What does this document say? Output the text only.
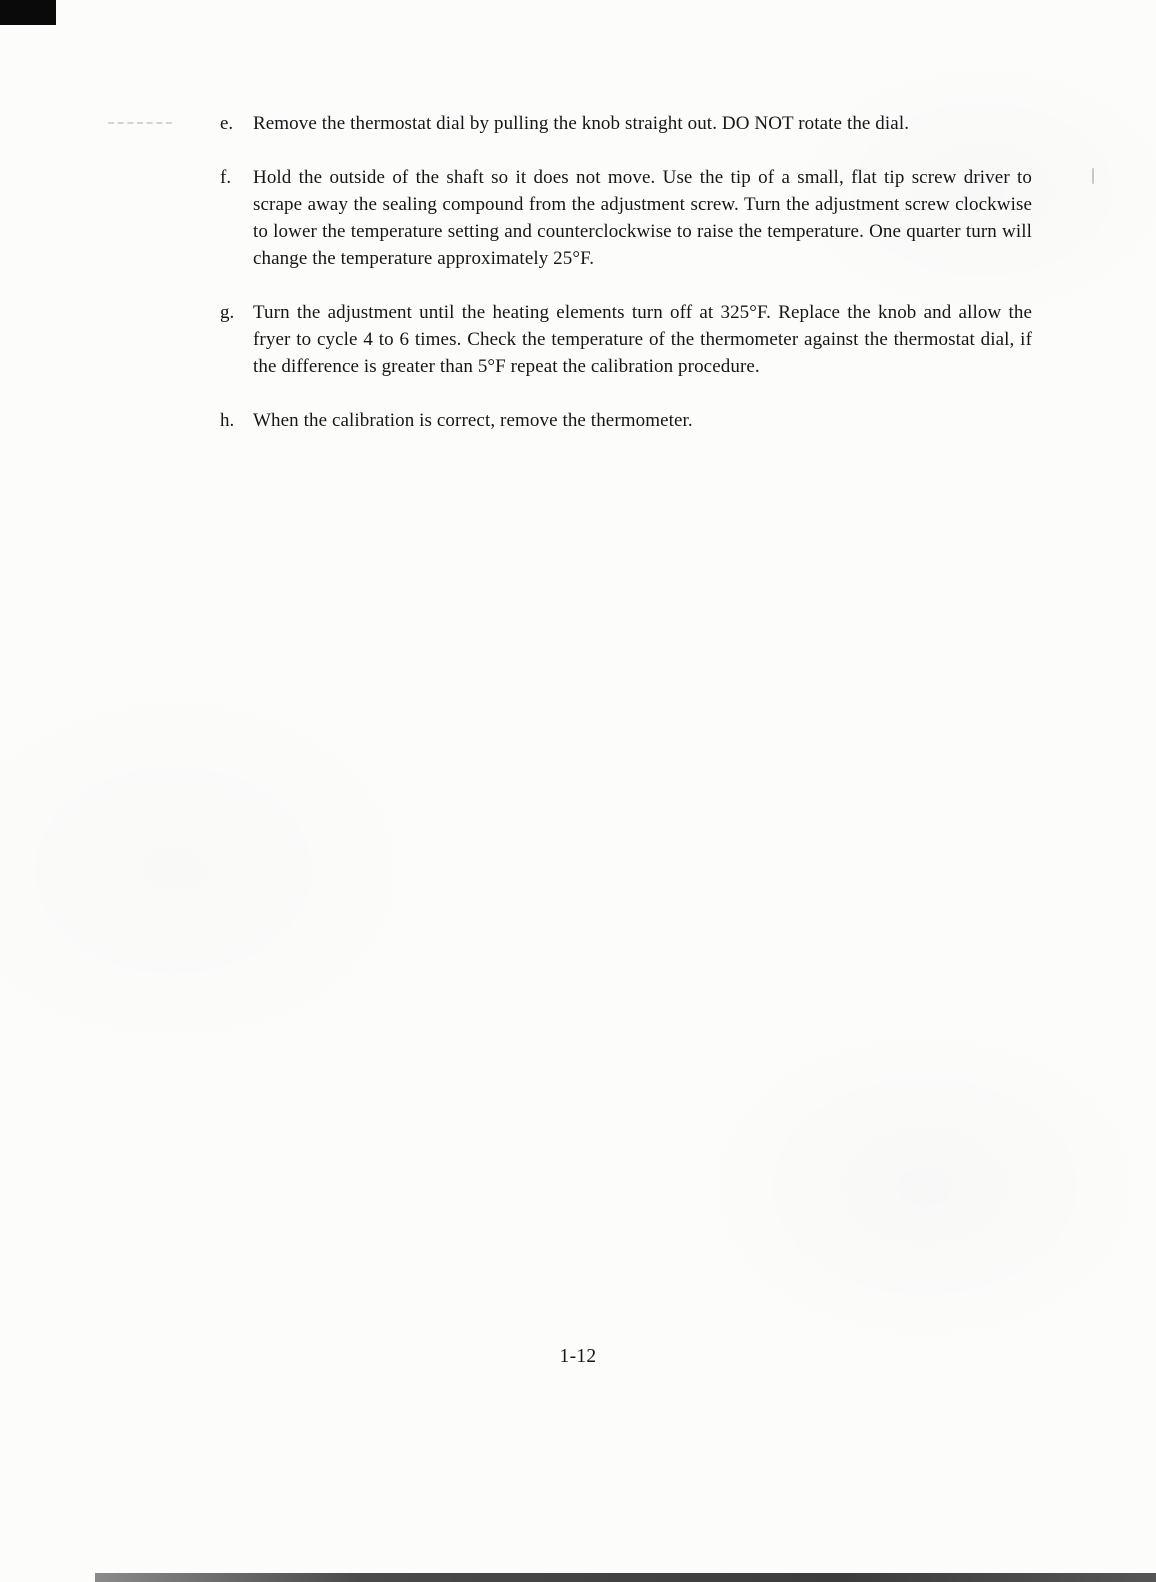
e.	Remove the thermostat dial by pulling the knob straight out. DO NOT rotate the dial.

f.	Hold the outside of the shaft so it does not move. Use the tip of a small, flat tip screw driver to scrape away the sealing compound from the adjustment screw. Turn the adjustment screw clockwise to lower the temperature setting and counterclockwise to raise the temperature. One quarter turn will change the temperature approximately 25°F.

g. Turn the adjustment until the heating elements turn off at 325°F. Replace the knob and allow the fryer to cycle 4 to 6 times. Check the temperature of the thermometer against the thermostat dial, if the difference is greater than 5°F repeat the calibration procedure.

h. When the calibration is correct, remove the thermometer.

1-12
